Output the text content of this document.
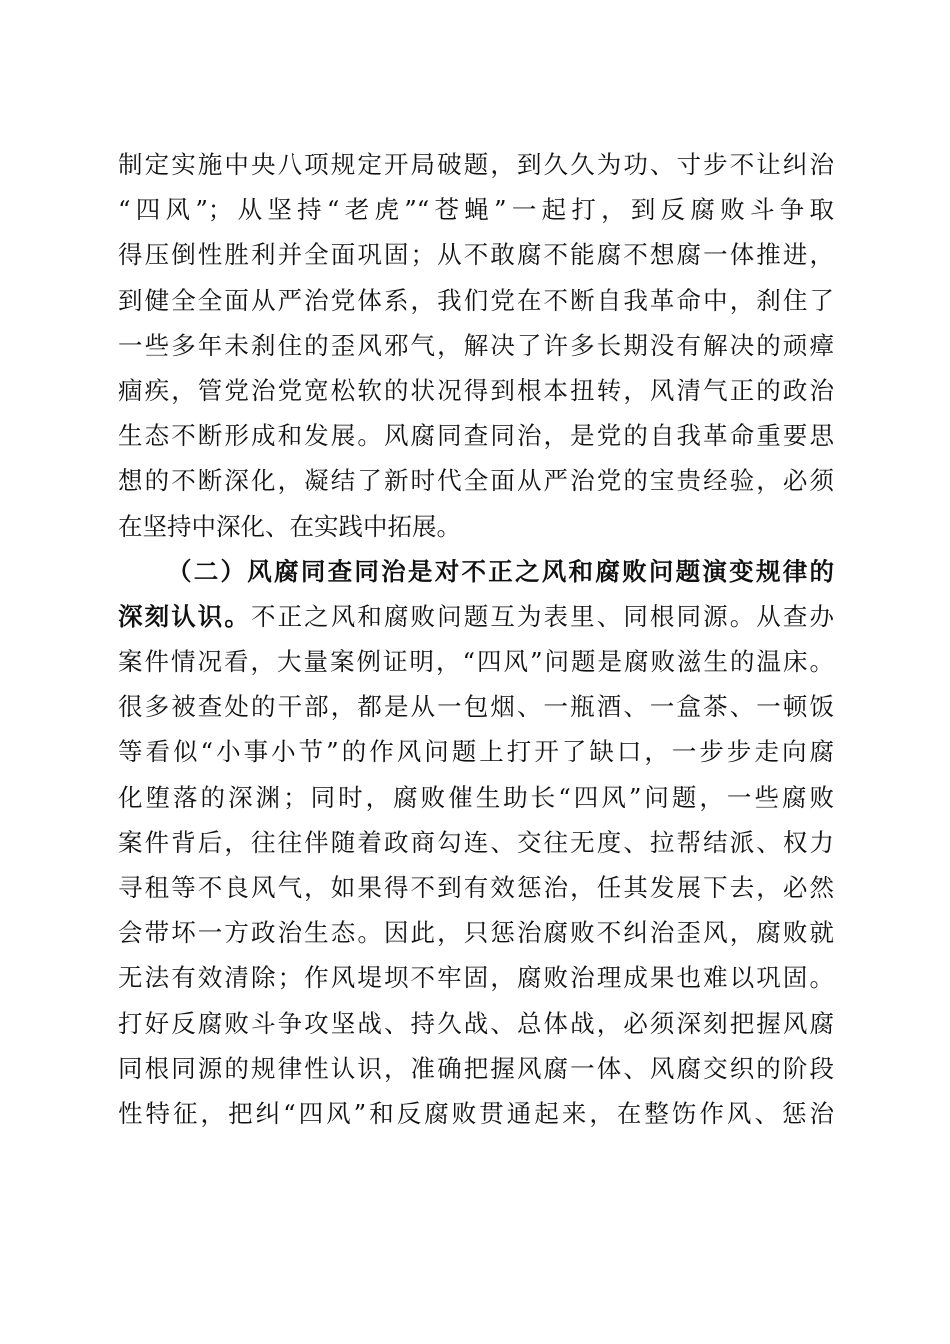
制定实施中央八项规定开局破题，到久久为功、寸步不让纠治
“四风”；从坚持“老虎”“苍蝇”一起打，到反腐败斗争取
得压倒性胜利并全面巩固；从不敢腐不能腐不想腐一体推进，
到健全全面从严治党体系，我们党在不断自我革命中，刹住了
一些多年未刹住的歪风邪气，解决了许多长期没有解决的顽瘴
痼疾，管党治党宽松软的状况得到根本扭转，风清气正的政治
生态不断形成和发展。风腐同查同治，是党的自我革命重要思
想的不断深化，凝结了新时代全面从严治党的宝贵经验，必须
在坚持中深化、在实践中拓展。
（二）风腐同查同治是对不正之风和腐败问题演变规律的
深刻认识。不正之风和腐败问题互为表里、同根同源。从查办
案件情况看，大量案例证明，“四风”问题是腐败滋生的温床。
很多被查处的干部，都是从一包烟、一瓶酒、一盒茶、一顿饭
等看似“小事小节”的作风问题上打开了缺口，一步步走向腐
化堕落的深渊；同时，腐败催生助长“四风”问题，一些腐败
案件背后，往往伴随着政商勾连、交往无度、拉帮结派、权力
寻租等不良风气，如果得不到有效惩治，任其发展下去，必然
会带坏一方政治生态。因此，只惩治腐败不纠治歪风，腐败就
无法有效清除；作风堤坝不牢固，腐败治理成果也难以巩固。
打好反腐败斗争攻坚战、持久战、总体战，必须深刻把握风腐
同根同源的规律性认识，准确把握风腐一体、风腐交织的阶段
性特征，把纠“四风”和反腐败贯通起来，在整饬作风、惩治
